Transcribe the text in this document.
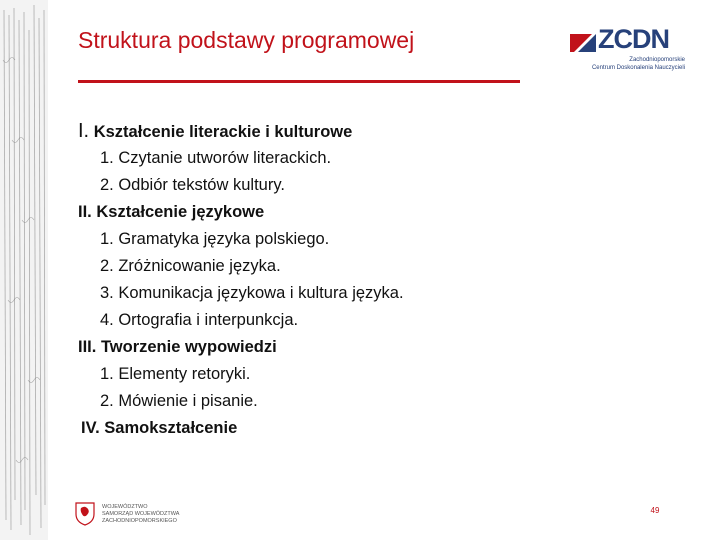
Struktura podstawy programowej	ZCDN
Zachodniopomorskie
Centrum Doskonalenia Nauczycieli
I. Kształcenie literackie i kulturowe
1. Czytanie utworów literackich.
2. Odbiór tekstów kultury.
II. Kształcenie językowe
1. Gramatyka języka polskiego.
2. Zróżnicowanie języka.
3. Komunikacja językowa i kultura języka.
4. Ortografia i interpunkcja.
III. Tworzenie wypowiedzi
1. Elementy retoryki.
2. Mówienie i pisanie.
IV. Samokształcenie
WOJEWÓDZTWO
SAMORZĄD WOJEWÓDZTWA
ZACHODNIOPOMORSKIEGO
49
